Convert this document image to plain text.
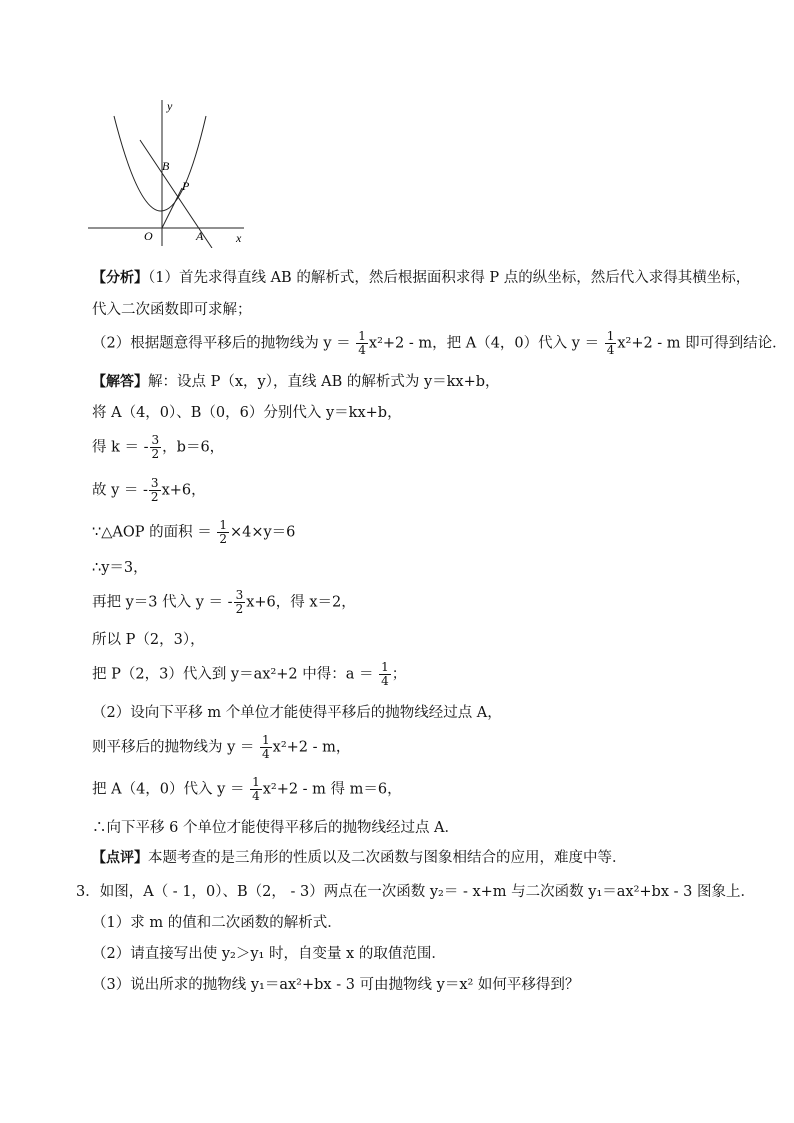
y
x
O	A
B
P
【分析】（1）首先求得直线 AB 的解析式，然后根据面积求得 P 点的纵坐标，然后代入求得其横坐标，
代入二次函数即可求解；
（2）根据题意得平移后的抛物线为 $y = \frac{1}{4} x^2+2 - m$，把 A（4，0）代入 $y = \frac{1}{4} x^2+2 - m$ 即可得到结论．
【解答】解：设点 P（x，y），直线 AB 的解析式为 y＝kx+b，
将 A（4，0）、B（0，6）分别代入 y＝kx+b，
得 k ＝ - $\frac{3}{2}$ ，b＝6，
故 y ＝ - $\frac{3}{2} x+6$，
∵△AOP 的面积 ＝ $\frac{1}{2} \times 4\times y=6$
∴y＝3，
再把 y＝3 代入 y ＝ - $\frac{3}{2} x+6$，得 x＝2，
所以 P（2，3），
把 P（2，3）代入到 y＝ax²+2 中得：$a = \frac{1}{4}$ ；
（2）设向下平移 m 个单位才能使得平移后的抛物线经过点 A，
则平移后的抛物线为 $y = \frac{1}{4} x^2+2 - m$，
把 A（4，0）代入 $y = \frac{1}{4} x^2+2 - m$ 得 m＝6，
∴向下平移 6 个单位才能使得平移后的抛物线经过点 A．
【点评】本题考查的是三角形的性质以及二次函数与图象相结合的应用，难度中等．
3．如图，A（ - 1，0）、B（2， - 3）两点在一次函数 y₂＝ - x+m 与二次函数 y₁＝ax²+bx - 3 图象上．
（1）求 m 的值和二次函数的解析式．
（2）请直接写出使 y₂＞y₁ 时，自变量 x 的取值范围．
（3）说出所求的抛物线 y₁＝ax²+bx - 3 可由抛物线 y＝x² 如何平移得到？
